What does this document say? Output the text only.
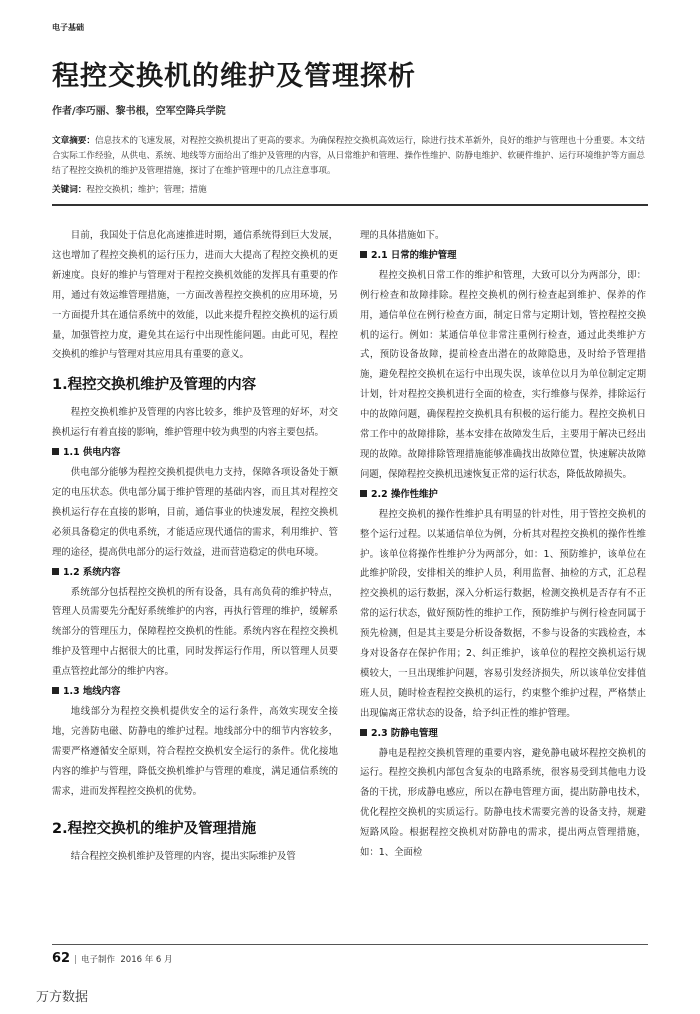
电子基础
程控交换机的维护及管理探析
作者/李巧丽、黎书根，空军空降兵学院
文章摘要：信息技术的飞速发展，对程控交换机提出了更高的要求。为确保程控交换机高效运行，除进行技术革新外，良好的维护与管理也十分重要。本文结合实际工作经验，从供电、系统、地线等方面给出了维护及管理的内容，从日常维护和管理、操作性维护、防静电维护、软硬件维护、运行环境维护等方面总结了程控交换机的维护及管理措施，探讨了在维护管理中的几点注意事项。
关键词：程控交换机；维护；管理；措施

目前，我国处于信息化高速推进时期，通信系统得到巨大发展，这也增加了程控交换机的运行压力，进而大大提高了程控交换机的更新速度。良好的维护与管理对于程控交换机效能的发挥具有重要的作用，通过有效运维管理措施，一方面改善程控交换机的应用环境，另一方面提升其在通信系统中的效能，以此来提升程控交换机的运行质量，加强管控力度，避免其在运行中出现性能问题。由此可见，程控交换机的维护与管理对其应用具有重要的意义。

1.程控交换机维护及管理的内容

程控交换机维护及管理的内容比较多，维护及管理的好坏，对交换机运行有着直接的影响，维护管理中较为典型的内容主要包括。

1.1 供电内容

供电部分能够为程控交换机提供电力支持，保障各项设备处于额定的电压状态。供电部分属于维护管理的基础内容，而且其对程控交换机运行存在直接的影响，目前，通信事业的快速发展，程控交换机必须具备稳定的供电系统，才能适应现代通信的需求，利用维护、管理的途径，提高供电部分的运行效益，进而营造稳定的供电环境。

1.2 系统内容

系统部分包括程控交换机的所有设备，具有高负荷的维护特点，管理人员需要先分配好系统维护的内容，再执行管理的维护，缓解系统部分的管理压力，保障程控交换机的性能。系统内容在程控交换机维护及管理中占据很大的比重，同时发挥运行作用，所以管理人员要重点管控此部分的维护内容。

1.3 地线内容

地线部分为程控交换机提供安全的运行条件，高效实现安全接地，完善防电磁、防静电的维护过程。地线部分中的细节内容较多，需要严格遵循安全原则，符合程控交换机安全运行的条件。优化接地内容的维护与管理，降低交换机维护与管理的难度，满足通信系统的需求，进而发挥程控交换机的优势。

2.程控交换机的维护及管理措施

结合程控交换机维护及管理的内容，提出实际维护及管

理的具体措施如下。

2.1 日常的维护管理

程控交换机日常工作的维护和管理，大致可以分为两部分，即：例行检查和故障排除。程控交换机的例行检查起到维护、保养的作用，通信单位在例行检查方面，制定日常与定期计划，管控程控交换机的运行。例如：某通信单位非常注重例行检查，通过此类维护方式，预防设备故障，提前检查出潜在的故障隐患，及时给予管理措施，避免程控交换机在运行中出现失误，该单位以月为单位制定定期计划，针对程控交换机进行全面的检查，实行维修与保养，排除运行中的故障问题，确保程控交换机具有积极的运行能力。程控交换机日常工作中的故障排除，基本安排在故障发生后，主要用于解决已经出现的故障。故障排除管理措施能够准确找出故障位置，快速解决故障问题，保障程控交换机迅速恢复正常的运行状态，降低故障损失。

2.2 操作性维护

程控交换机的操作性维护具有明显的针对性，用于管控交换机的整个运行过程。以某通信单位为例，分析其对程控交换机的操作性维护。该单位将操作性维护分为两部分，如：1、预防维护，该单位在此维护阶段，安排相关的维护人员，利用监督、抽检的方式，汇总程控交换机的运行数据，深入分析运行数据，检测交换机是否存有不正常的运行状态，做好预防性的维护工作，预防维护与例行检查同属于预先检测，但是其主要是分析设备数据，不参与设备的实践检查，本身对设备存在保护作用；2、纠正维护，该单位的程控交换机运行规模较大，一旦出现维护问题，容易引发经济损失，所以该单位安排值班人员，随时检查程控交换机的运行，约束整个维护过程，严格禁止出现偏离正常状态的设备，给予纠正性的维护管理。

2.3 防静电管理

静电是程控交换机管理的重要内容，避免静电破坏程控交换机的运行。程控交换机内部包含复杂的电路系统，很容易受到其他电力设备的干扰，形成静电感应，所以在静电管理方面，提出防静电技术，优化程控交换机的实质运行。防静电技术需要完善的设备支持，规避短路风险。根据程控交换机对防静电的需求，提出两点管理措施，如：1、全面检

62 | 电子制作 2016 年 6 月
万方数据
